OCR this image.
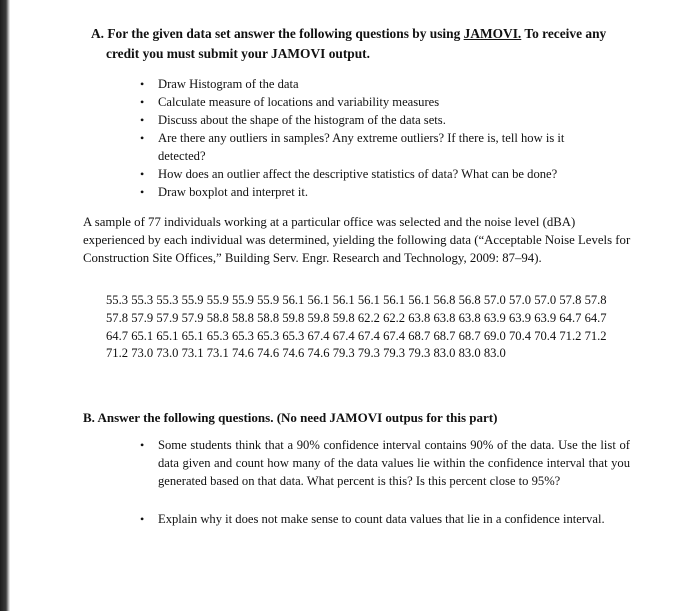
A. For the given data set answer the following questions by using JAMOVI. To receive any
credit you must submit your JAMOVI output.
• Draw Histogram of the data
• Calculate measure of locations and variability measures
• Discuss about the shape of the histogram of the data sets.
• Are there any outliers in samples? Any extreme outliers? If there is, tell how is it detected?
• How does an outlier affect the descriptive statistics of data? What can be done?
• Draw boxplot and interpret it.
A sample of 77 individuals working at a particular office was selected and the noise level (dBA) experienced by each individual was determined, yielding the following data (“Acceptable Noise Levels for Construction Site Offices,” Building Serv. Engr. Research and Technology, 2009: 87–94).
55.3 55.3 55.3 55.9 55.9 55.9 55.9 56.1 56.1 56.1 56.1 56.1 56.1 56.8 56.8 57.0 57.0 57.0 57.8 57.8 57.8 57.9 57.9 57.9 58.8 58.8 58.8 59.8 59.8 59.8 62.2 62.2 63.8 63.8 63.8 63.9 63.9 63.9 64.7 64.7 64.7 65.1 65.1 65.1 65.3 65.3 65.3 65.3 67.4 67.4 67.4 67.4 68.7 68.7 68.7 69.0 70.4 70.4 71.2 71.2 71.2 73.0 73.0 73.1 73.1 74.6 74.6 74.6 74.6 79.3 79.3 79.3 79.3 83.0 83.0 83.0
B. Answer the following questions. (No need JAMOVI outpus for this part)
• Some students think that a 90% confidence interval contains 90% of the data. Use the list of data given and count how many of the data values lie within the confidence interval that you generated based on that data. What percent is this? Is this percent close to 95%?
• Explain why it does not make sense to count data values that lie in a confidence interval.
